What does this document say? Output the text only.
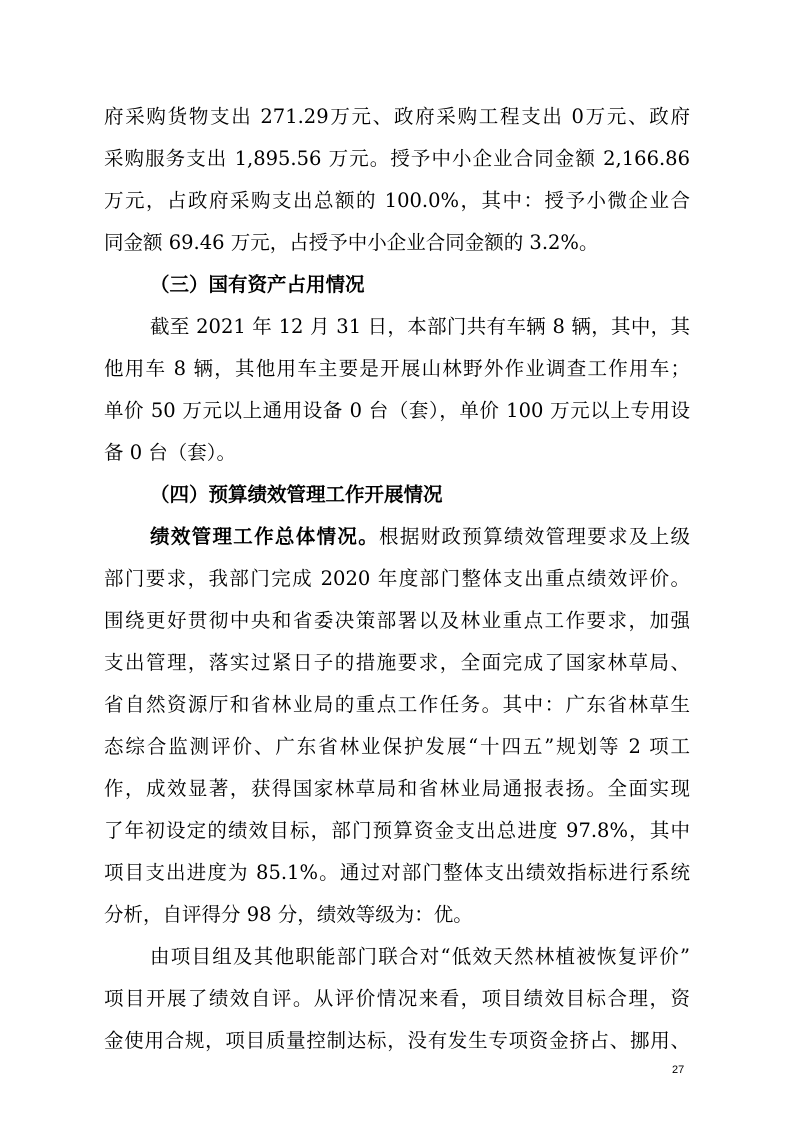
府采购货物支出 271.29万元、政府采购工程支出 0万元、政府
采购服务支出 1,895.56 万元。授予中小企业合同金额 2,166.86
万元，占政府采购支出总额的 100.0%，其中：授予小微企业合
同金额 69.46 万元，占授予中小企业合同金额的 3.2%。
（三）国有资产占用情况
截至 2021 年 12 月 31 日，本部门共有车辆 8 辆，其中，其
他用车 8 辆，其他用车主要是开展山林野外作业调查工作用车；
单价 50 万元以上通用设备 0 台（套），单价 100 万元以上专用设
备 0 台（套）。
（四）预算绩效管理工作开展情况
绩效管理工作总体情况。根据财政预算绩效管理要求及上级
部门要求，我部门完成 2020 年度部门整体支出重点绩效评价。
围绕更好贯彻中央和省委决策部署以及林业重点工作要求，加强
支出管理，落实过紧日子的措施要求，全面完成了国家林草局、
省自然资源厅和省林业局的重点工作任务。其中：广东省林草生
态综合监测评价、广东省林业保护发展“十四五”规划等 2 项工
作，成效显著，获得国家林草局和省林业局通报表扬。全面实现
了年初设定的绩效目标，部门预算资金支出总进度 97.8%，其中
项目支出进度为 85.1%。通过对部门整体支出绩效指标进行系统
分析，自评得分 98 分，绩效等级为：优。
由项目组及其他职能部门联合对“低效天然林植被恢复评价”
项目开展了绩效自评。从评价情况来看，项目绩效目标合理，资
金使用合规，项目质量控制达标，没有发生专项资金挤占、挪用、
27
